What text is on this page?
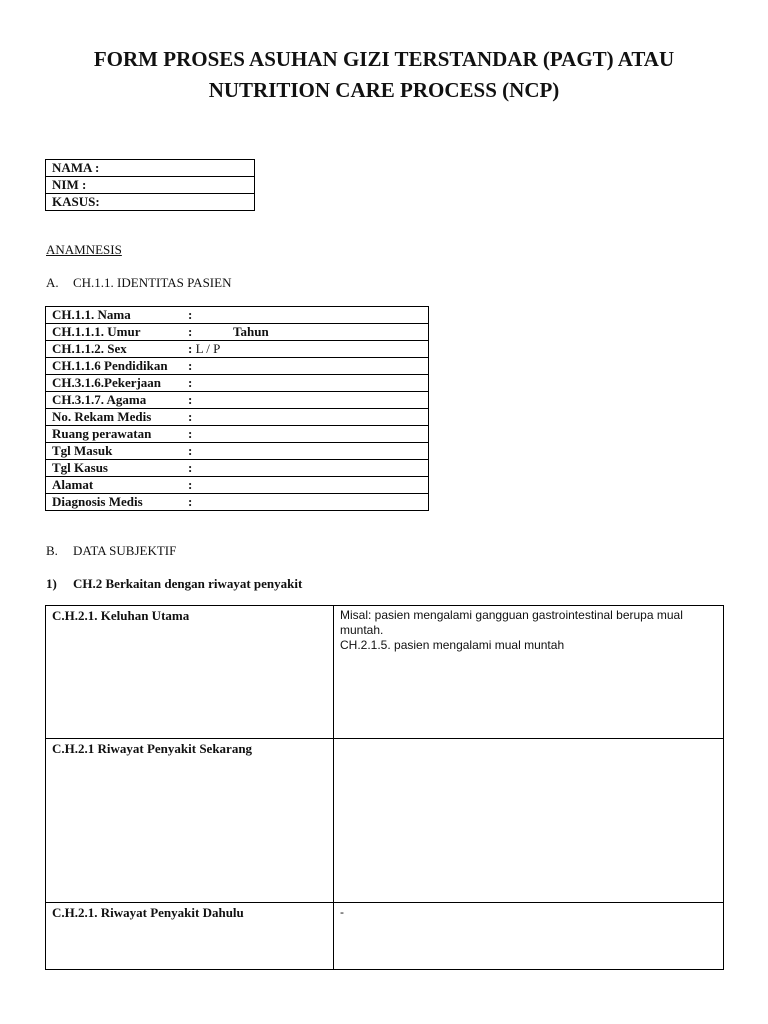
FORM PROSES ASUHAN GIZI TERSTANDAR (PAGT) ATAU
NUTRITION CARE PROCESS (NCP)
NAMA :
NIM :
KASUS:
ANAMNESIS
A. CH.1.1. IDENTITAS PASIEN
CH.1.1. Nama	:
CH.1.1.1. Umur	:	Tahun

CH.1.1.2. Sex	: L / P
CH.1.1.6 Pendidikan :
CH.3.1.6.Pekerjaan :
CH.3.1.7. Agama	:
No. Rekam Medis	:
Ruang perawatan	:
Tgl Masuk	:
Tgl Kasus	:
Alamat	:
Diagnosis Medis	:
B. DATA SUBJEKTIF
1) CH.2 Berkaitan dengan riwayat penyakit
C.H.2.1. Keluhan Utama	Misal: pasien mengalami gangguan gastrointestinal berupa mual muntah.
CH.2.1.5. pasien mengalami mual muntah

C.H.2.1 Riwayat Penyakit Sekarang	

C.H.2.1. Riwayat Penyakit Dahulu	-
